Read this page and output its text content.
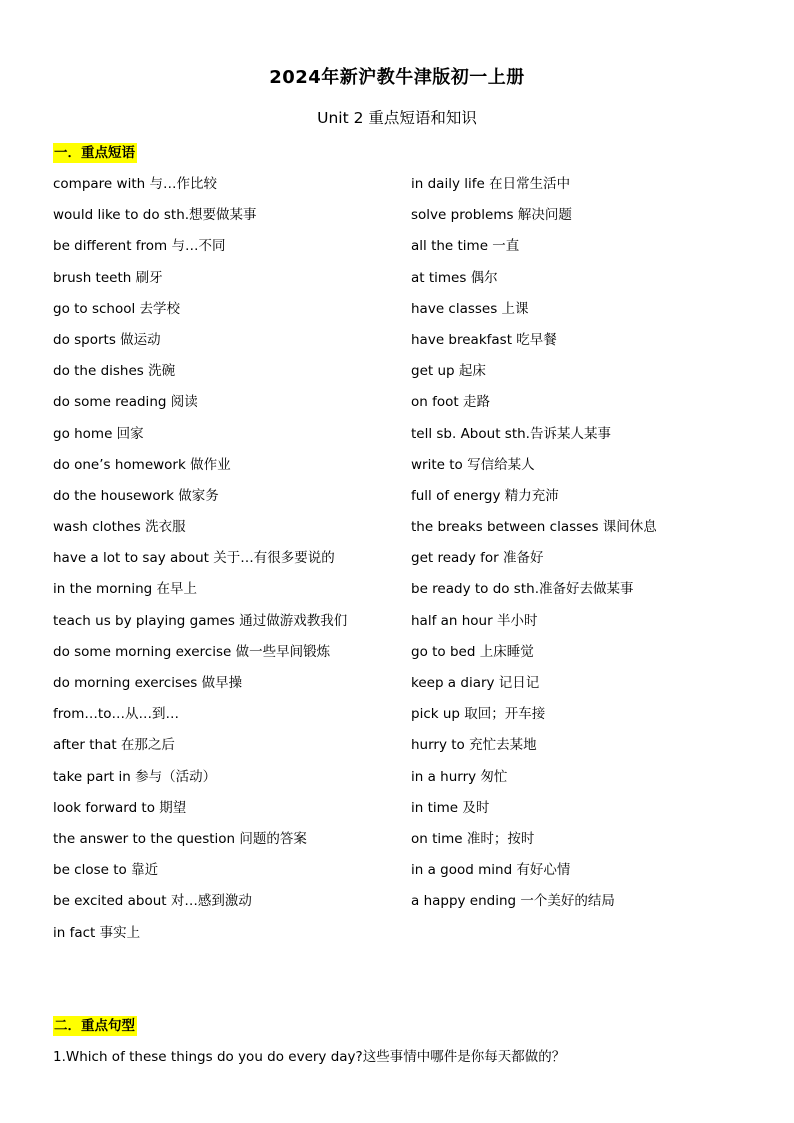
2024年新沪教牛津版初一上册
Unit 2 重点短语和知识
一．重点短语
compare with 与…作比较
would like to do sth.想要做某事
be different from 与…不同
brush teeth 刷牙
go to school 去学校
do sports 做运动
do the dishes 洗碗
do some reading 阅读
go home 回家
do one’s homework 做作业
do the housework 做家务
wash clothes 洗衣服
have a lot to say about 关于…有很多要说的
in the morning 在早上
teach us by playing games 通过做游戏教我们
do some morning exercise 做一些早间锻炼
do morning exercises 做早操
from…to…从…到…
after that 在那之后
take part in 参与（活动）
look forward to 期望
the answer to the question 问题的答案
be close to 靠近
be excited about 对…感到激动
in fact 事实上
in daily life 在日常生活中
solve problems 解决问题
all the time 一直
at times 偶尔
have classes 上课
have breakfast 吃早餐
get up 起床
on foot 走路
tell sb. About sth.告诉某人某事
write to 写信给某人
full of energy 精力充沛
the breaks between classes 课间休息
get ready for 准备好
be ready to do sth.准备好去做某事
half an hour 半小时
go to bed 上床睡觉
keep a diary 记日记
pick up 取回；开车接
hurry to 充忙去某地
in a hurry 匆忙
in time 及时
on time 准时；按时
in a good mind 有好心情
a happy ending 一个美好的结局
二．重点句型
1.Which of these things do you do every day?这些事情中哪件是你每天都做的？
